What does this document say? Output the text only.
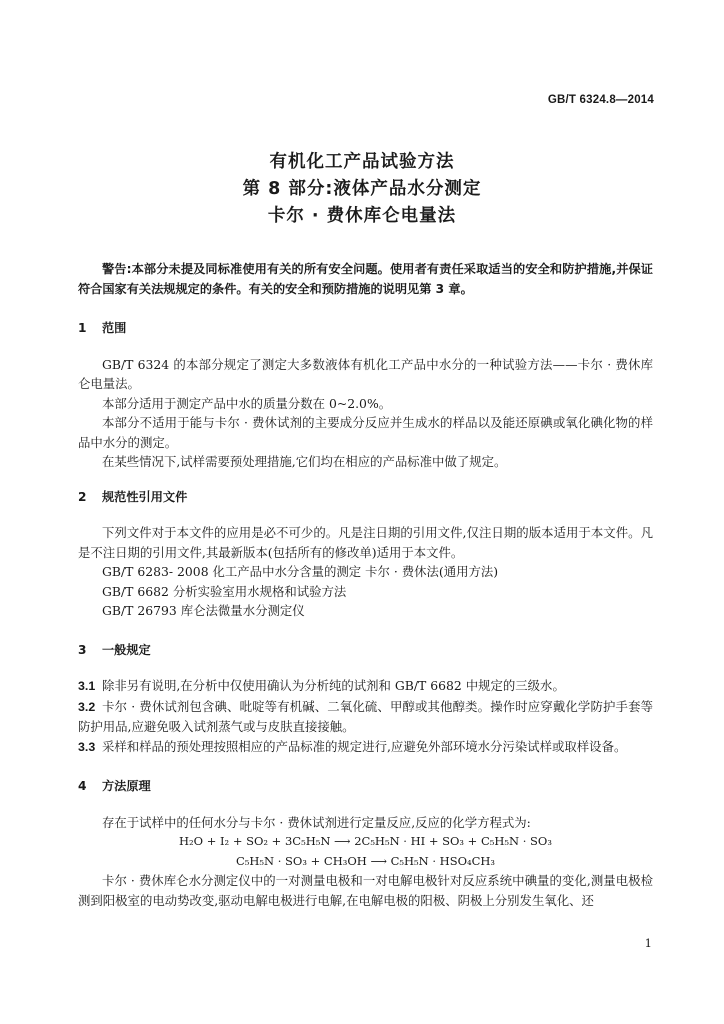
GB/T 6324.8—2014
有机化工产品试验方法
第 8 部分:液体产品水分测定
卡尔 · 费休库仑电量法

警告:本部分未提及同标准使用有关的所有安全问题。使用者有责任采取适当的安全和防护措施,并保证符合国家有关法规规定的条件。有关的安全和预防措施的说明见第 3 章。

1 范围

GB/T 6324 的本部分规定了测定大多数液体有机化工产品中水分的一种试验方法——卡尔 · 费休库仑电量法。

本部分适用于测定产品中水的质量分数在 0~2.0%。

本部分不适用于能与卡尔 · 费休试剂的主要成分反应并生成水的样品以及能还原碘或氧化碘化物的样品中水分的测定。

在某些情况下,试样需要预处理措施,它们均在相应的产品标准中做了规定。

2 规范性引用文件

下列文件对于本文件的应用是必不可少的。凡是注日期的引用文件,仅注日期的版本适用于本文件。凡是不注日期的引用文件,其最新版本(包括所有的修改单)适用于本文件。

GB/T 6283- 2008 化工产品中水分含量的测定 卡尔 · 费休法(通用方法)

GB/T 6682 分析实验室用水规格和试验方法

GB/T 26793 库仑法微量水分测定仪

3 一般规定

3.1 除非另有说明,在分析中仅使用确认为分析纯的试剂和 GB/T 6682 中规定的三级水。

3.2 卡尔 · 费休试剂包含碘、吡啶等有机碱、二氧化硫、甲醇或其他醇类。操作时应穿戴化学防护手套等防护用品,应避免吸入试剂蒸气或与皮肤直接接触。

3.3 采样和样品的预处理按照相应的产品标准的规定进行,应避免外部环境水分污染试样或取样设备。

4 方法原理

存在于试样中的任何水分与卡尔 · 费休试剂进行定量反应,反应的化学方程式为:

H₂O + I₂ + SO₂ + 3C₅H₅N ⟶ 2C₅H₅N · HI + SO₃ + C₅H₅N · SO₃

C₅H₅N · SO₃ + CH₃OH ⟶ C₅H₅N · HSO₄CH₃

卡尔 · 费休库仑水分测定仪中的一对测量电极和一对电解电极针对反应系统中碘量的变化,测量电极检测到阳极室的电动势改变,驱动电解电极进行电解,在电解电极的阳极、阴极上分别发生氧化、还

1
